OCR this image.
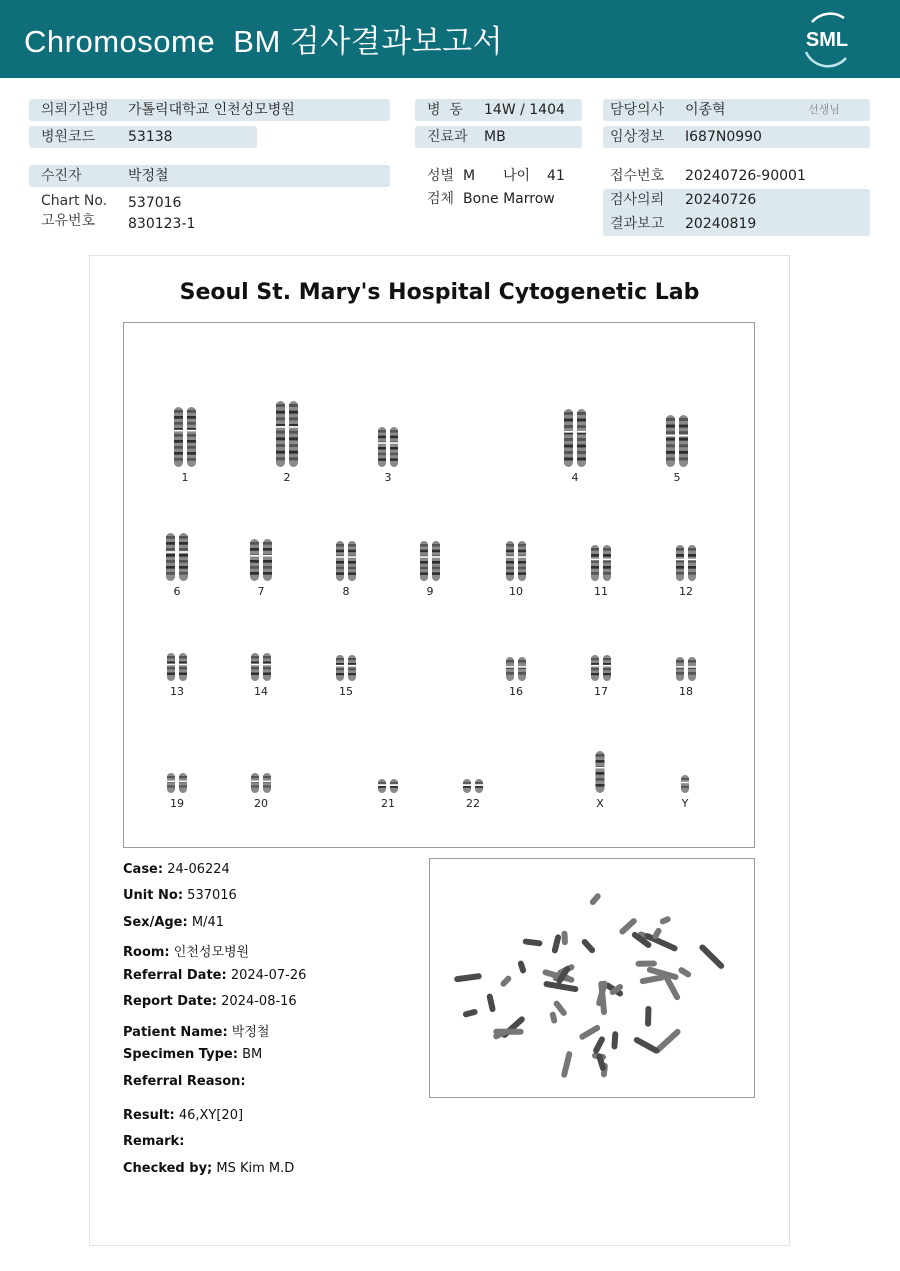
Chromosome  BM 검사결과보고서	SML
의뢰기관명 가톨릭대학교 인천성모병원
병원코드 53138
병  동 14W / 1404
진료과 MB
담당의사 이종혁	선생님
임상정보 I687N0990
수진자	박정철
Chart No. 537016
고유번호 830123-1
성별 M 나이 41
검체 Bone Marrow
접수번호 20240726-90001
검사의뢰 20240726
결과보고 20240819
Seoul St. Mary's Hospital Cytogenetic Lab
1	2	3	4	5
6	7	8	9	10	11	12
13	14	15	16	17	18
19	20	21	22	X	Y
Case: 24-06224
Unit No: 537016
Sex/Age: M/41
Room: 인천성모병원
Referral Date: 2024-07-26
Report Date: 2024-08-16
Patient Name: 박정철
Specimen Type: BM
Referral Reason:
Result: 46,XY[20]
Remark:
Checked by; MS Kim M.D
